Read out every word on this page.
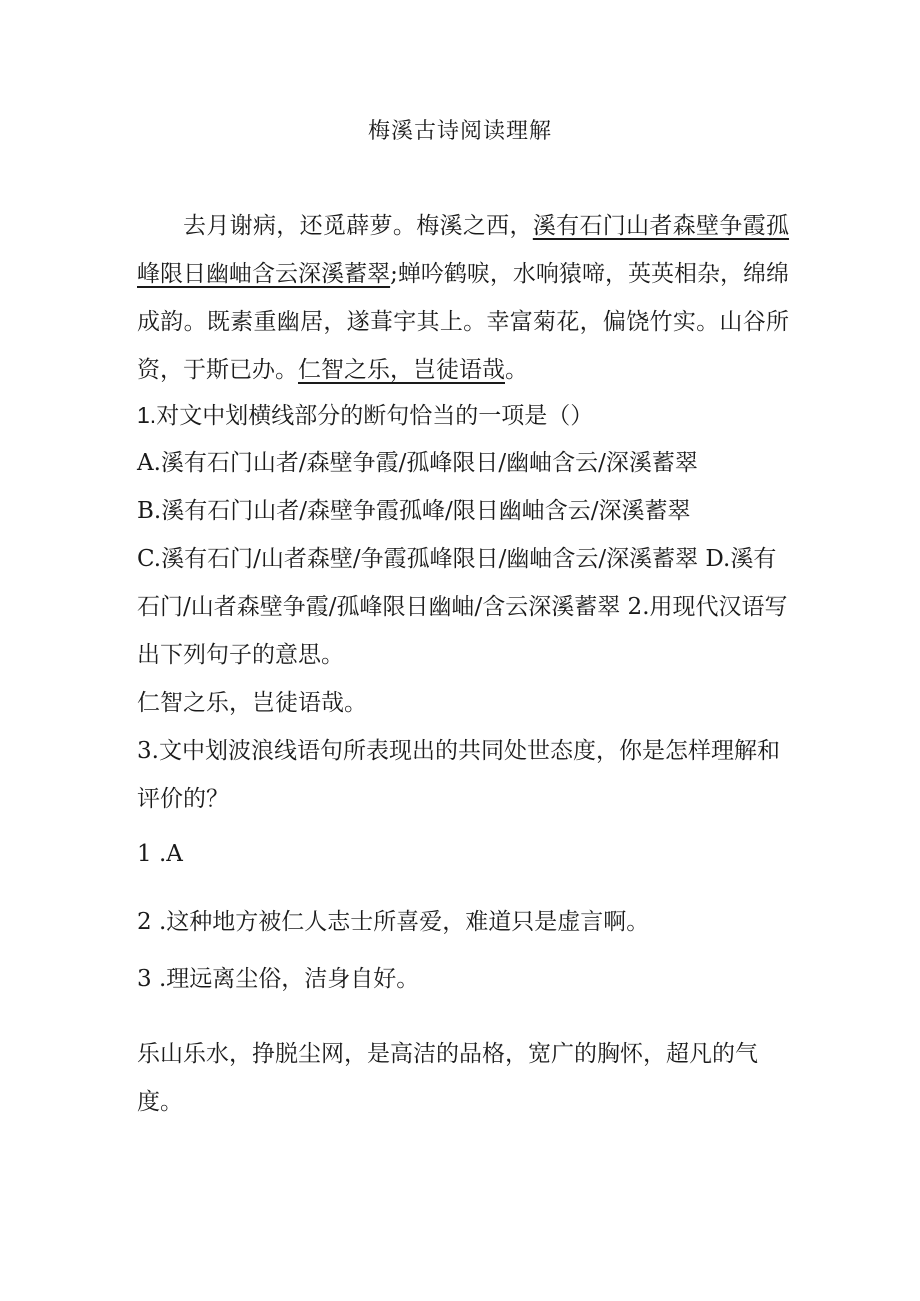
梅溪古诗阅读理解
去月谢病，还觅薜萝。梅溪之西，溪有石门山者森壁争霞孤峰限日幽岫含云深溪蓄翠;蝉吟鹤唳，水响猿啼，英英相杂，绵绵成韵。既素重幽居，遂葺宇其上。幸富菊花，偏饶竹实。山谷所资，于斯已办。仁智之乐，岂徒语哉。
1.对文中划横线部分的断句恰当的一项是（）
A.溪有石门山者/森壁争霞/孤峰限日/幽岫含云/深溪蓄翠
B.溪有石门山者/森壁争霞孤峰/限日幽岫含云/深溪蓄翠
C.溪有石门/山者森壁/争霞孤峰限日/幽岫含云/深溪蓄翠 D.溪有石门/山者森壁争霞/孤峰限日幽岫/含云深溪蓄翠 2.用现代汉语写出下列句子的意思。
仁智之乐，岂徒语哉。
3.文中划波浪线语句所表现出的共同处世态度，你是怎样理解和评价的？
1 .A
2 .这种地方被仁人志士所喜爱，难道只是虚言啊。
3 .理远离尘俗，洁身自好。
乐山乐水，挣脱尘网，是高洁的品格，宽广的胸怀，超凡的气度。
